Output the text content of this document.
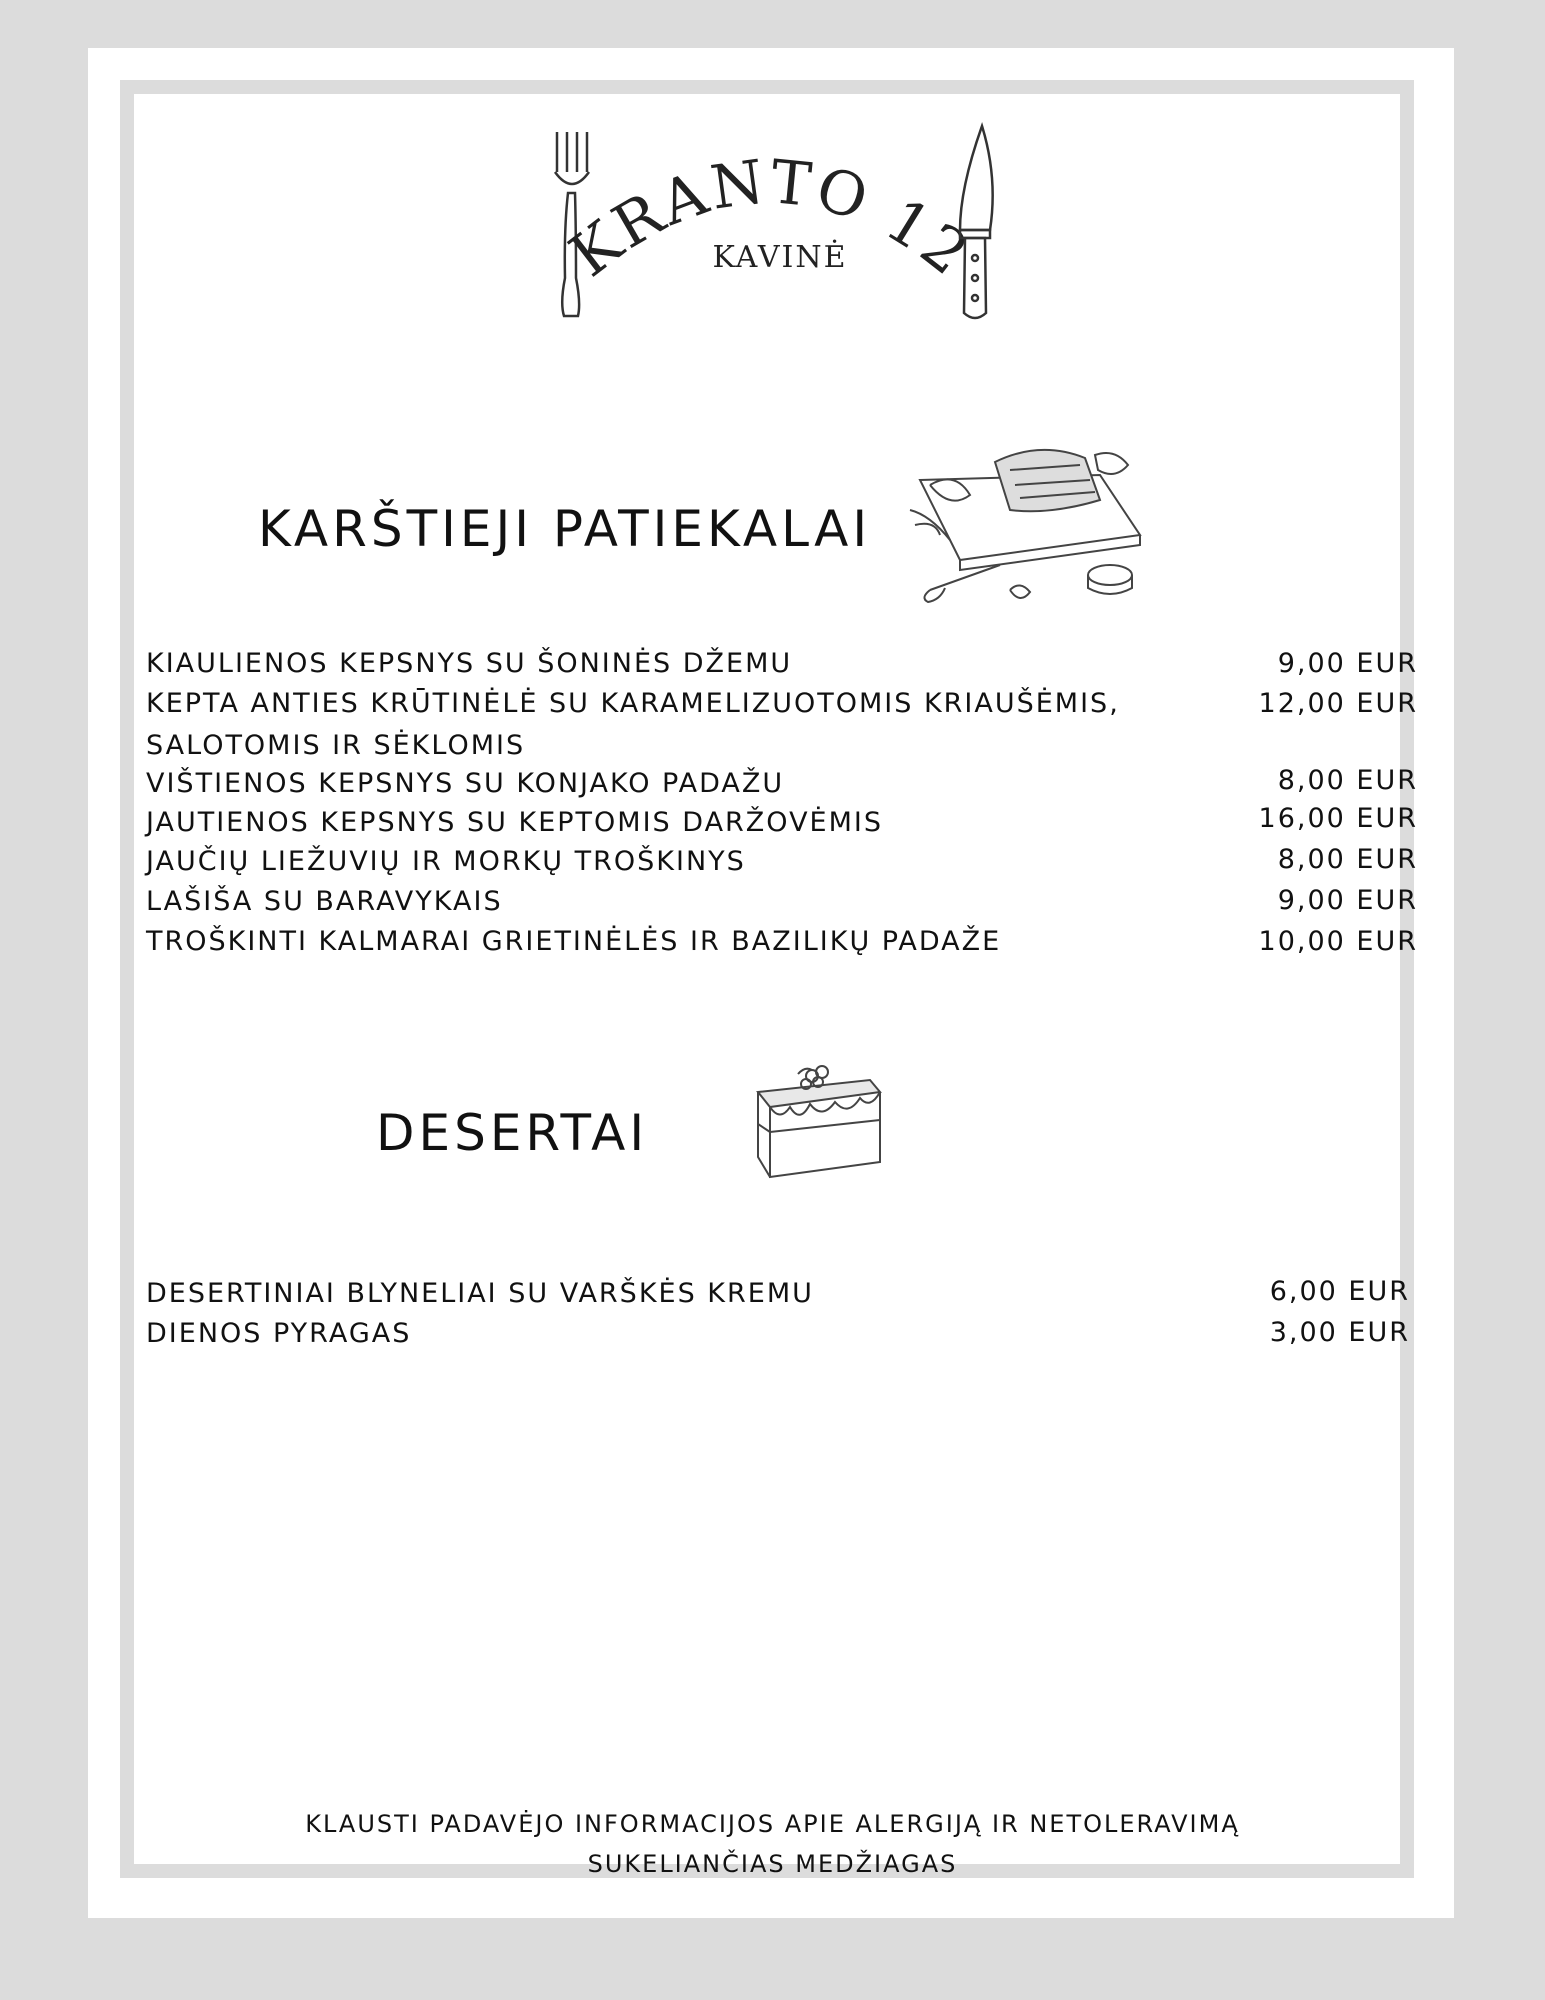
KRANTO 12
KAVINĖ
KARŠTIEJI PATIEKALAI
KIAULIENOS KEPSNYS SU ŠONINĖS DŽEMU	9,00 EUR
KEPTA ANTIES KRŪTINĖLĖ SU KARAMELIZUOTOMIS KRIAUŠĖMIS,	12,00 EUR
SALOTOMIS IR SĖKLOMIS
VIŠTIENOS KEPSNYS SU KONJAKO PADAŽU	8,00 EUR
JAUTIENOS KEPSNYS SU KEPTOMIS DARŽOVĖMIS	16,00 EUR
JAUČIŲ LIEŽUVIŲ IR MORKŲ TROŠKINYS	8,00 EUR
LAŠIŠA SU BARAVYKAIS	9,00 EUR
TROŠKINTI KALMARAI GRIETINĖLĖS IR BAZILIKŲ PADAŽE	10,00 EUR
DESERTAI
DESERTINIAI BLYNELIAI SU VARŠKĖS KREMU	6,00 EUR
DIENOS PYRAGAS	3,00 EUR
KLAUSTI PADAVĖJO INFORMACIJOS APIE ALERGIJĄ IR NETOLERAVIMĄ
SUKELIANČIAS MEDŽIAGAS
